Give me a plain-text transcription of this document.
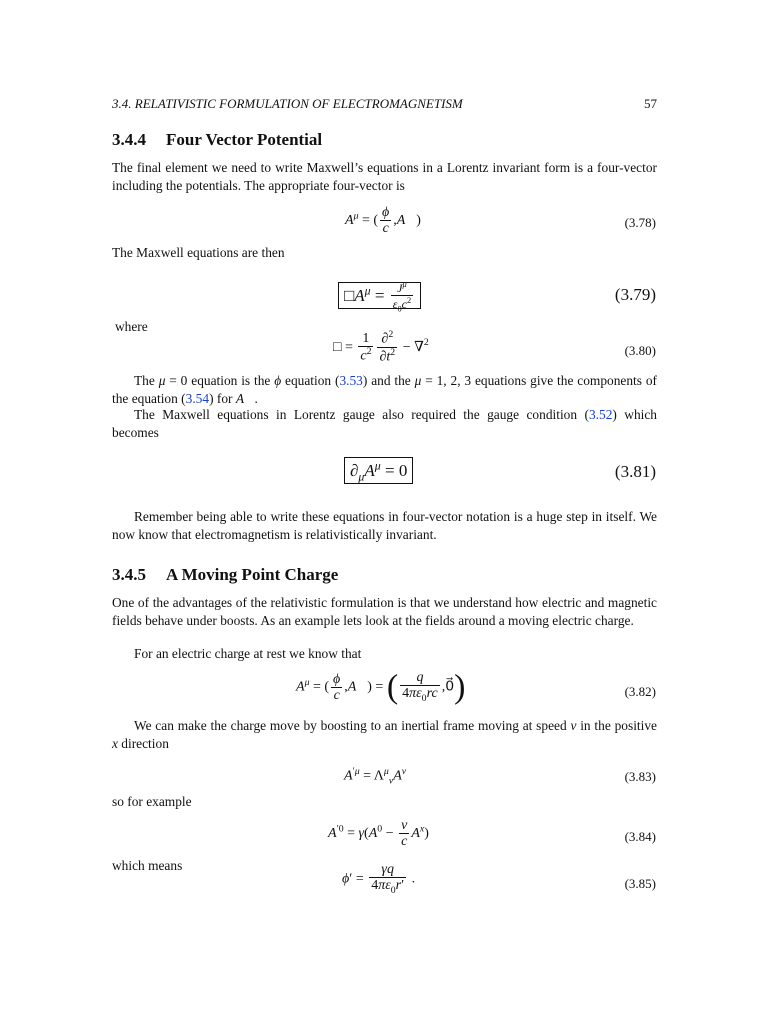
3.4. RELATIVISTIC FORMULATION OF ELECTROMAGNETISM	57
3.4.4 Four Vector Potential
The final element we need to write Maxwell’s equations in a Lorentz invariant form is a four-vector including the potentials. The appropriate four-vector is
$A^\mu$ = ( $\frac{\phi}{c}$ ,A⃗)	(3.78)
The Maxwell equations are then
$□A^\mu = \frac{J^\mu}{\varepsilon_0c^2}$	(3.79)
where
□ = $\frac{1}{c^2} \frac{\partial^2}{\partial t^2} - \nabla^2$
(3.80)
The μ = 0 equation is the ϕ equation (3.53) and the μ = 1, 2, 3 equations give the components of the equation (3.54) for A⃗.
The Maxwell equations in Lorentz gauge also required the gauge condition (3.52) which becomes
$\partial_\mu A^\mu = 0$	(3.81)
Remember being able to write these equations in four-vector notation is a huge step in itself. We now know that electromagnetism is relativistically invariant.
3.4.5 A Moving Point Charge
One of the advantages of the relativistic formulation is that we understand how electric and magnetic fields behave under boosts. As an example lets look at the fields around a moving electric charge.
For an electric charge at rest we know that
$A^\mu$ = ( $\frac{\phi}{c}$ ,A⃗) = ( $\frac{q}{4\pi\varepsilon_0rc}$ ,0⃗)	(3.82)
We can make the charge move by boosting to an inertial frame moving at speed v in the positive x direction
$A^{'\mu} = \Lambda^\mu_\nu A^\nu$	(3.83)
so for example
$A^{'0} = \gamma(A^0 - \frac{v}{c} A^x)$	(3.84)
which means
$\phi' = \frac{\gamma q}{4\pi\varepsilon_0r'}$ .	(3.85)
